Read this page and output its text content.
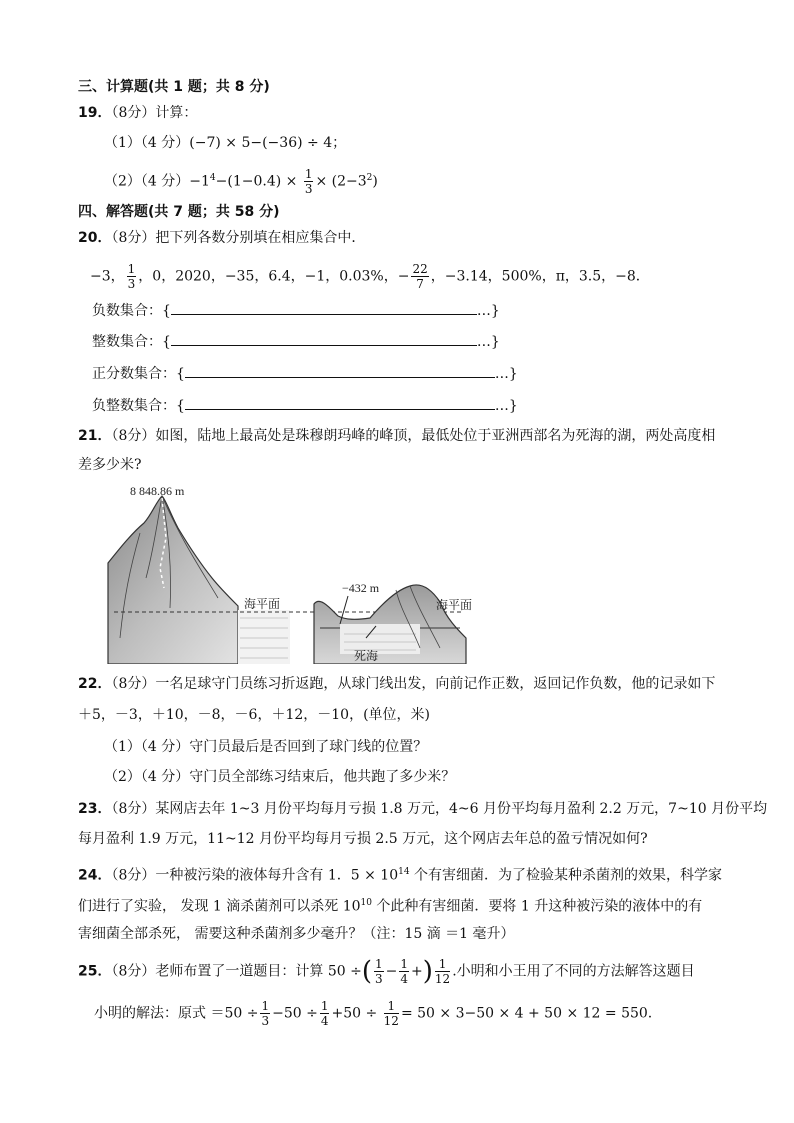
三、计算题(共 1 题；共 8 分)
19．（8分）计算：
（1）（4 分）(−7) × 5−(−36) ÷ 4；
（2）（4 分）$-1^4-(1-0.4) \times \frac{1}{3} \times (2-3^2)$
四、解答题(共 7 题；共 58 分)
20．（8分）把下列各数分别填在相应集合中．
−3， $\frac{1}{3}$ ，0，2020，−35，6.4，−1，0.03%，− $\frac{22}{7}$ ，−3.14，500%，π，3.5，−8．
负数集合：{	…}
整数集合：{	…}
正分数集合：{	…}
负整数集合：{	…}
21．（8分）如图，陆地上最高处是珠穆朗玛峰的峰顶，最低处位于亚洲西部名为死海的湖，两处高度相
差多少米?
8 848.86 m
海平面	海平面
−432 m
死海
22．（8分）一名足球守门员练习折返跑，从球门线出发，向前记作正数，返回记作负数，他的记录如下
＋5，－3，＋10，－8，－6，＋12，－10，(单位，米)
（1）（4 分）守门员最后是否回到了球门线的位置？
（2）（4 分）守门员全部练习结束后，他共跑了多少米？
23．（8分）某网店去年 1~3 月份平均每月亏损 1.8 万元，4~6 月份平均每月盈利 2.2 万元，7~10 月份平均
每月盈利 1.9 万元，11~12 月份平均每月亏损 2.5 万元，这个网店去年总的盈亏情况如何?
24．（8分）一种被污染的液体每升含有 1．$5 \times 10^{14}$ 个有害细菌．为了检验某种杀菌剂的效果，科学家
们进行了实验， 发现 1 滴杀菌剂可以杀死 $10^{10}$ 个此种有害细菌．要将 1 升这种被污染的液体中的有
害细菌全部杀死， 需要这种杀菌剂多少毫升？（注：15 滴 ＝1 毫升）
25．（8分）老师布置了一道题目：计算 50 ÷( $\frac{1}{3} - \frac{1}{4}$ +) $\frac{1}{12}$ .小明和小王用了不同的方法解答这题目
小明的解法：原式 $=50 \div \frac{1}{3} -50 \div \frac{1}{4} +50 \div \frac{1}{12} = 50 \times 3-50 \times 4 + 50 \times 12 = 550$.
